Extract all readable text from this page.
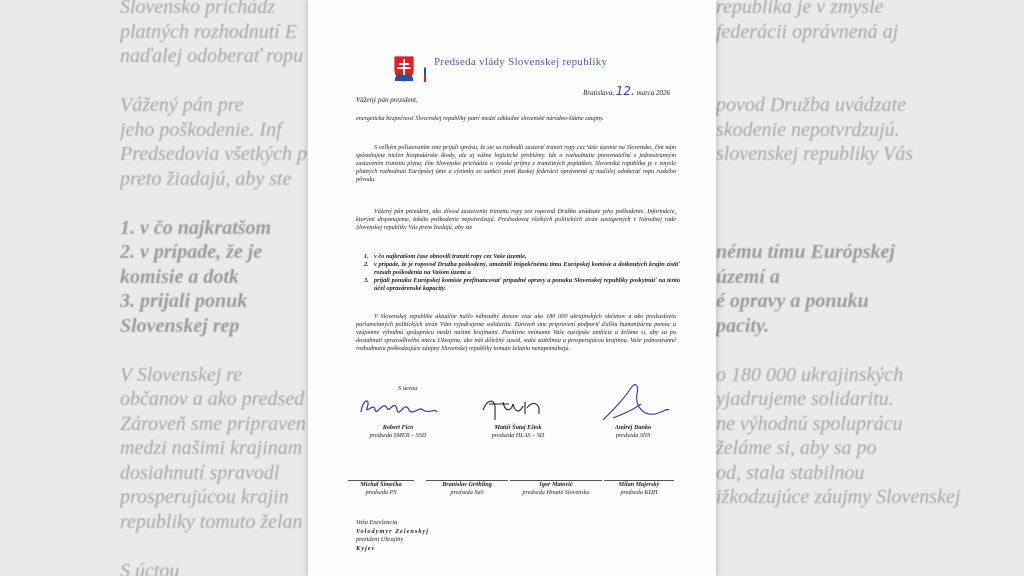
Slovensko prichádz
platných rozhodnutí E
naďalej odoberať ropu
Vážený pán pre
jeho poškodenie. Inf
Predsedovia všetkých p
preto žiadajú, aby ste
1. v čo najkratšom
2. v prípade, že je
komisie a dotk
3. prijali ponuk
Slovenskej rep
V Slovenskej re
občanov a ako predsed
Zároveň sme pripraven
medzi našimi krajinam
dosiahnutí spravodl
prosperujúcou krajin
republiky tomuto želan
S úctou
republika je v zmysle
federácii oprávnená aj
povod Družba uvádzate
skodenie nepotvrdzujú.
slovenskej republiky Vás
nému tímu Európskej
území a
é opravy a ponuku
pacity.
o 180 000 ukrajinských
yjadrujeme solidaritu.
ne výhodnú spoluprácu
želáme si, aby sa po
od, stala stabilnou
ižkodzujúce záujmy Slovenskej
Predseda vlády Slovenskej republiky
Bratislava, 12. marca 2026
Vážený pán prezident,
energetická bezpečnosť Slovenskej republiky patrí medzi základné slovenské národno-štátne záujmy.
S veľkým poľutovaním sme prijali správu, že ste sa rozhodli zastaviť tranzit ropy cez Vaše územie na Slovensko, čím nám spôsobujete nielen hospodárske škody, ale aj vážne logistické problémy. Ide o rozhodnutie porovnateľné s jednostranným zastavením tranzitu plynu, čím Slovensko prichádza o vysoké príjmy z tranzitných poplatkov. Slovenská republika je v zmysle platných rozhodnutí Európskej únie a výnimky zo sankcií proti Ruskej federácii oprávnená aj naďalej odoberať ropu ruského pôvodu.
Vážený pán prezident, ako dôvod zastavenia tranzitu ropy cez ropovod Družba uvádzate jeho poškodenie. Informácie, ktorými disponujeme, takéto poškodenie nepotvrdzujú. Predsedovia všetkých politických strán zastúpených v Národnej rade Slovenskej republiky Vás preto žiadajú, aby ste
1. v čo najkratšom čase obnovili tranzit ropy cez Vaše územie,
2. v prípade, že je ropovod Družba poškodený, umožnili inšpekčnému tímu Európskej komisie a dotknutých krajín zistiť rozsah poškodenia na Vašom území a
3. prijali ponuku Európskej komisie prefinancovať prípadné opravy a ponuku Slovenskej republiky poskytnúť na tento účel opravárenské kapacity.
V Slovenskej republike aktuálne našlo náhradný domov viac ako 180 000 ukrajinských občanov a ako predsedovia parlamentných politických strán Vám vyjadrujeme solidaritu. Zároveň sme pripravení podporiť ďalšiu humanitárnu pomoc a vzájomne výhodnú spoluprácu medzi našimi krajinami. Pozitívne vnímame Vaše európske ambície a želáme si, aby sa po dosiahnutí spravodlivého mieru Ukrajina, ako náš dôležitý sused, stala stabilnou a prosperujúcou krajinou. Vaše jednostranné rozhodnutia poškodzujúce záujmy Slovenskej republiky tomuto želaniu nenapomáhajú.
S úctou
Robert Fico
predseda SMER – SSD
Matúš Šutaj Eštok
predseda HLAS – SD
Andrej Danko
predseda SNS
Michal Šimečka
predseda PS
Branislav Gröhling
predseda SaS
Igor Matovič
predseda Hnutie Slovensko
Milan Majerský
predseda KDH
Vaša Excelencia
Volodymyr Zelenskyj
prezident Ukrajiny
Kyjev
